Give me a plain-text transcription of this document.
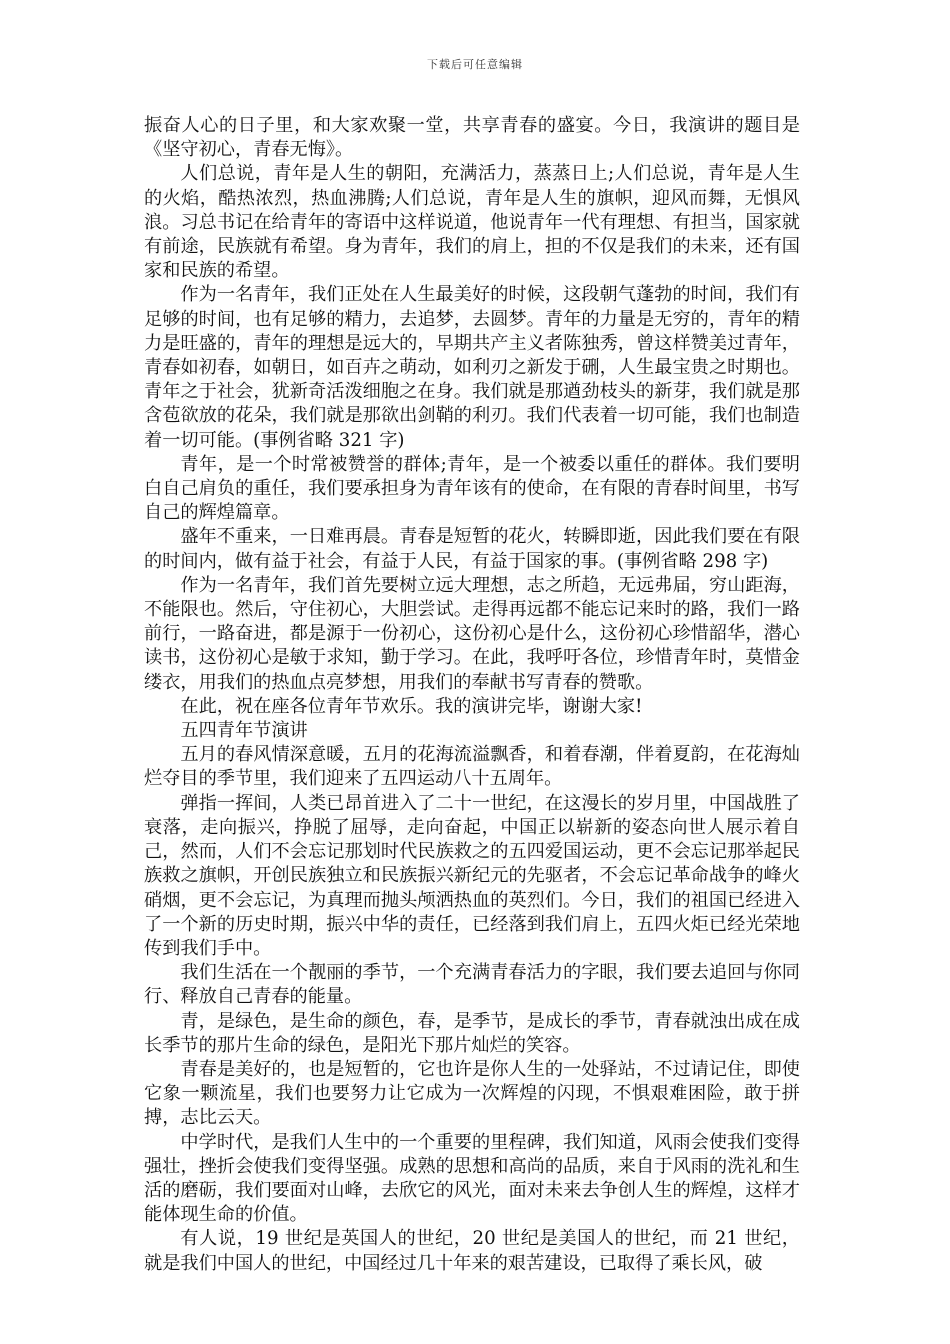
下载后可任意编辑

振奋人心的日子里，和大家欢聚一堂，共享青春的盛宴。今日，我演讲的题目是《坚守初心，青春无悔》。

人们总说，青年是人生的朝阳，充满活力，蒸蒸日上;人们总说，青年是人生的火焰，酷热浓烈，热血沸腾;人们总说，青年是人生的旗帜，迎风而舞，无惧风浪。习总书记在给青年的寄语中这样说道，他说青年一代有理想、有担当，国家就有前途，民族就有希望。身为青年，我们的肩上，担的不仅是我们的未来，还有国家和民族的希望。

作为一名青年，我们正处在人生最美好的时候，这段朝气蓬勃的时间，我们有足够的时间，也有足够的精力，去追梦，去圆梦。青年的力量是无穷的，青年的精力是旺盛的，青年的理想是远大的，早期共产主义者陈独秀，曾这样赞美过青年，青春如初春，如朝日，如百卉之萌动，如利刃之新发于硎，人生最宝贵之时期也。青年之于社会，犹新奇活泼细胞之在身。我们就是那遒劲枝头的新芽，我们就是那含苞欲放的花朵，我们就是那欲出剑鞘的利刃。我们代表着一切可能，我们也制造着一切可能。(事例省略 321 字)

青年，是一个时常被赞誉的群体;青年，是一个被委以重任的群体。我们要明白自己肩负的重任，我们要承担身为青年该有的使命，在有限的青春时间里，书写自己的辉煌篇章。

盛年不重来，一日难再晨。青春是短暂的花火，转瞬即逝，因此我们要在有限的时间内，做有益于社会，有益于人民，有益于国家的事。(事例省略 298 字)

作为一名青年，我们首先要树立远大理想，志之所趋，无远弗届，穷山距海，不能限也。然后，守住初心，大胆尝试。走得再远都不能忘记来时的路，我们一路前行，一路奋进，都是源于一份初心，这份初心是什么，这份初心珍惜韶华，潜心读书，这份初心是敏于求知，勤于学习。在此，我呼吁各位，珍惜青年时，莫惜金缕衣，用我们的热血点亮梦想，用我们的奉献书写青春的赞歌。

在此，祝在座各位青年节欢乐。我的演讲完毕，谢谢大家!

五四青年节演讲

五月的春风情深意暖，五月的花海流溢飘香，和着春潮，伴着夏韵，在花海灿烂夺目的季节里，我们迎来了五四运动八十五周年。

弹指一挥间，人类已昂首进入了二十一世纪，在这漫长的岁月里，中国战胜了衰落，走向振兴，挣脱了屈辱，走向奋起，中国正以崭新的姿态向世人展示着自己，然而，人们不会忘记那划时代民族救之的五四爱国运动，更不会忘记那举起民族救之旗帜，开创民族独立和民族振兴新纪元的先驱者，不会忘记革命战争的峰火硝烟，更不会忘记，为真理而抛头颅洒热血的英烈们。今日，我们的祖国已经进入了一个新的历史时期，振兴中华的责任，已经落到我们肩上，五四火炬已经光荣地传到我们手中。

我们生活在一个靓丽的季节，一个充满青春活力的字眼，我们要去追回与你同行、释放自己青春的能量。

青，是绿色，是生命的颜色，春，是季节，是成长的季节，青春就浊出成在成长季节的那片生命的绿色，是阳光下那片灿烂的笑容。

青春是美好的，也是短暂的，它也许是你人生的一处驿站，不过请记住，即使它象一颗流星，我们也要努力让它成为一次辉煌的闪现，不惧艰难困险，敢于拼搏，志比云天。

中学时代，是我们人生中的一个重要的里程碑，我们知道，风雨会使我们变得强壮，挫折会使我们变得坚强。成熟的思想和高尚的品质，来自于风雨的洗礼和生活的磨砺，我们要面对山峰，去欣它的风光，面对未来去争创人生的辉煌，这样才能体现生命的价值。

有人说，19 世纪是英国人的世纪，20 世纪是美国人的世纪，而 21 世纪，就是我们中国人的世纪，中国经过几十年来的艰苦建设，已取得了乘长风，破
